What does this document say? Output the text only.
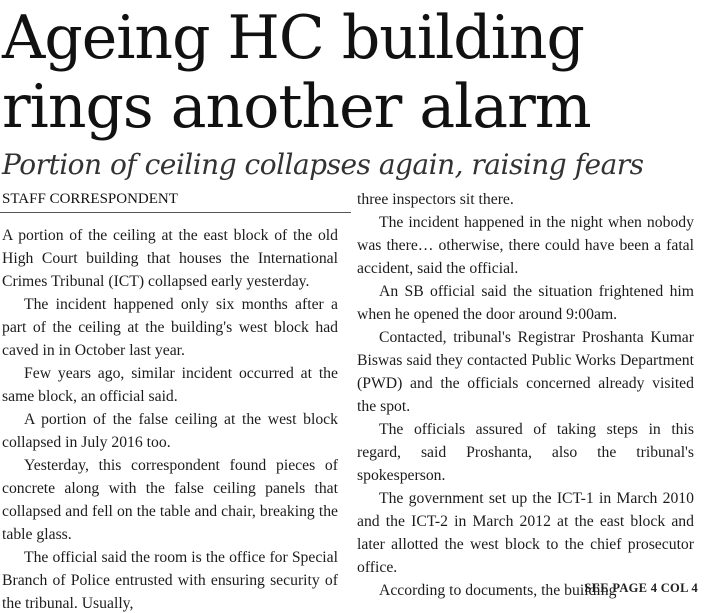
Ageing HC building rings another alarm
Portion of ceiling collapses again, raising fears
STAFF CORRESPONDENT

A portion of the ceiling at the east block of the old High Court building that houses the International Crimes Tribunal (ICT) collapsed early yesterday.

The incident happened only six months after a part of the ceiling at the building's west block had caved in in October last year.

Few years ago, similar incident occurred at the same block, an official said.

A portion of the false ceiling at the west block collapsed in July 2016 too.

Yesterday, this correspondent found pieces of concrete along with the false ceiling panels that collapsed and fell on the table and chair, breaking the table glass.

The official said the room is the office for Special Branch of Police entrusted with ensuring security of the tribunal. Usually,

three inspectors sit there.

The incident happened in the night when nobody was there… otherwise, there could have been a fatal accident, said the official.

An SB official said the situation frightened him when he opened the door around 9:00am.

Contacted, tribunal's Registrar Proshanta Kumar Biswas said they contacted Public Works Department (PWD) and the officials concerned already visited the spot.

The officials assured of taking steps in this regard, said Proshanta, also the tribunal's spokesperson.

The government set up the ICT-1 in March 2010 and the ICT-2 in March 2012 at the east block and later allotted the west block to the chief prosecutor office.

According to documents, the building

SEE PAGE 4 COL 4
